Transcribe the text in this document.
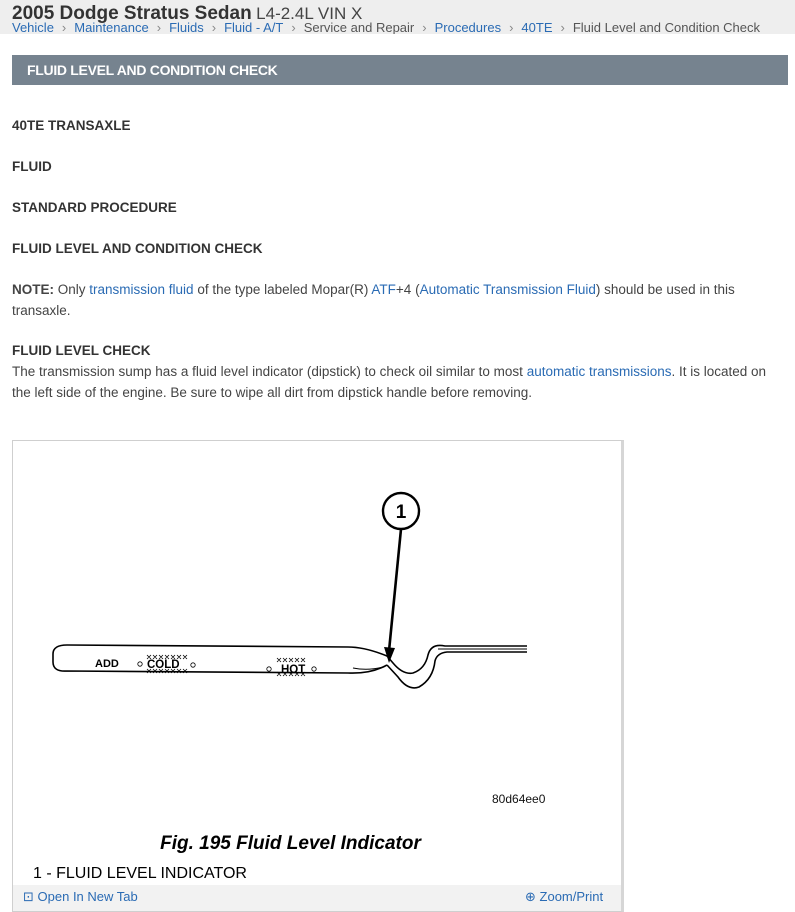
Vehicle › Maintenance › Fluids › Fluid - A/T › Service and Repair › Procedures › 40TE › Fluid Level and Condition Check
2005 Dodge Stratus Sedan L4-2.4L VIN X
FLUID LEVEL AND CONDITION CHECK
40TE TRANSAXLE
FLUID
STANDARD PROCEDURE
FLUID LEVEL AND CONDITION CHECK
NOTE: Only transmission fluid of the type labeled Mopar(R) ATF+4 (Automatic Transmission Fluid) should be used in this transaxle.
FLUID LEVEL CHECK
The transmission sump has a fluid level indicator (dipstick) to check oil similar to most automatic transmissions. It is located on the left side of the engine. Be sure to wipe all dirt from dipstick handle before removing.
1
ADD COLD	HOT
80d64ee0
Fig. 195 Fluid Level Indicator
1 - FLUID LEVEL INDICATOR
⊡ Open In New Tab	⊕ Zoom/Print
